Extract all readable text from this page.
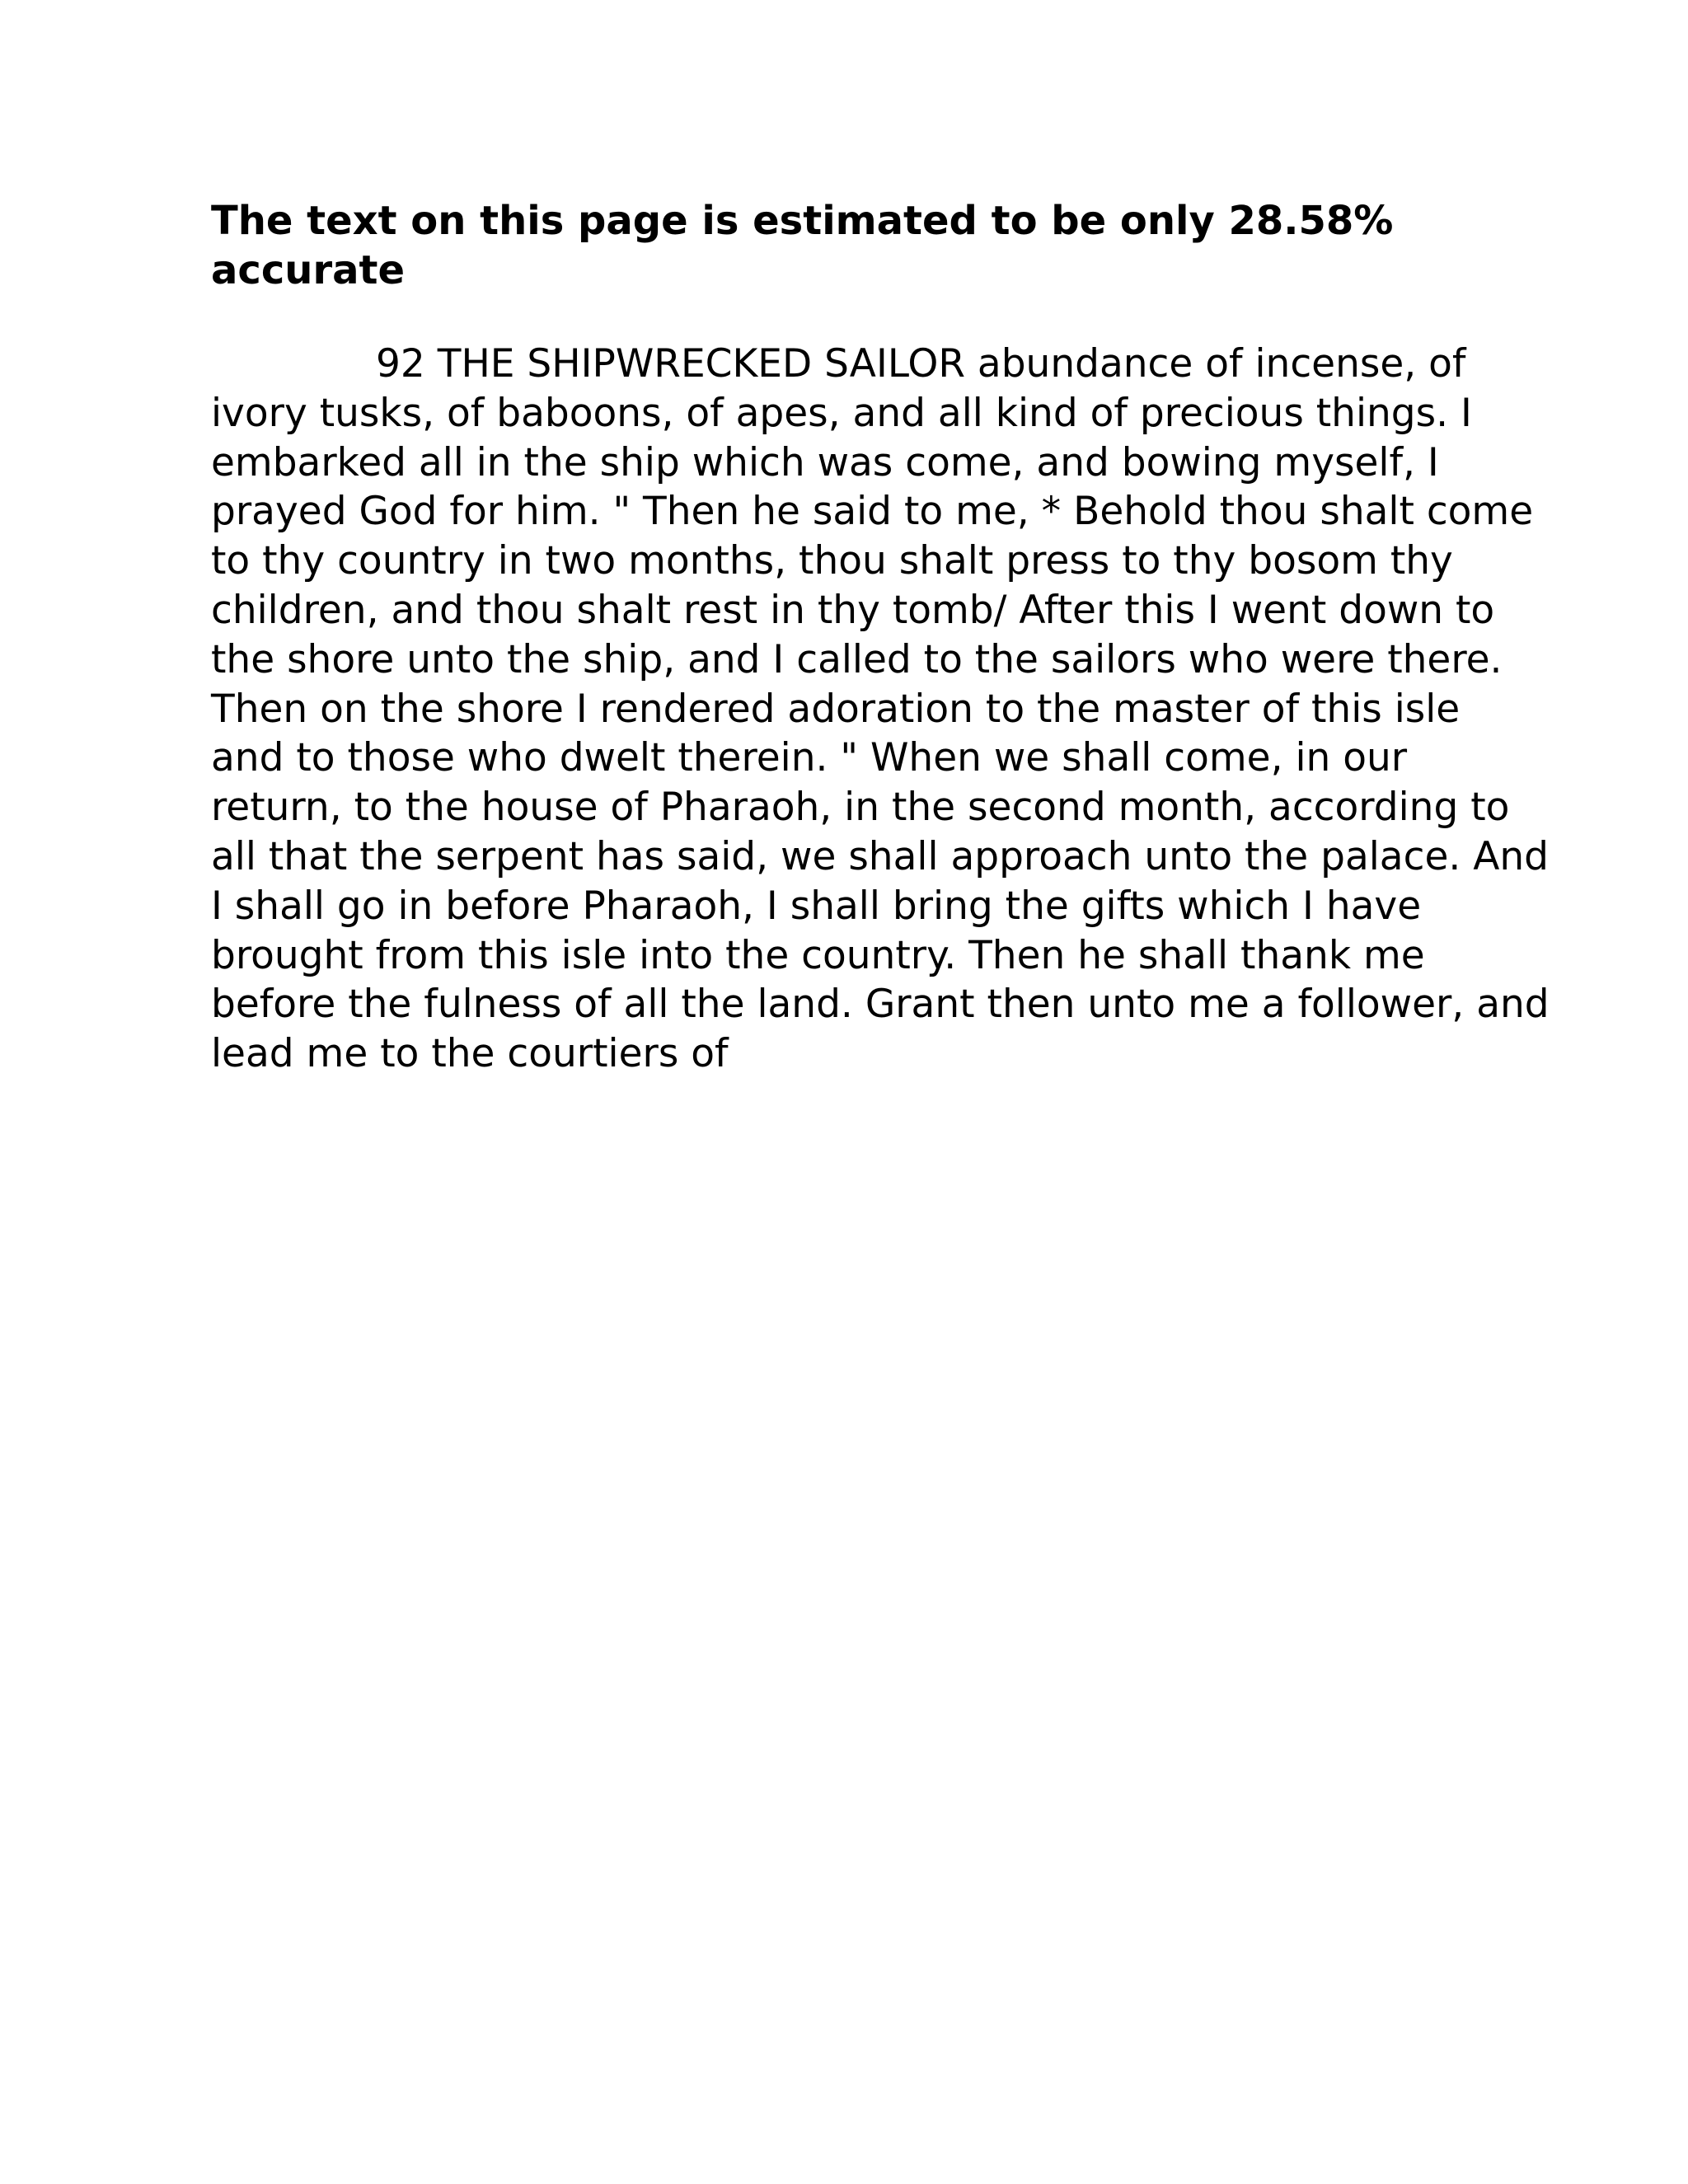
The text on this page is estimated to be only 28.58%
accurate
92 THE SHIPWRECKED SAILOR abundance of incense, of
ivory tusks, of baboons, of apes, and all kind of precious things. I
embarked all in the ship which was come, and bowing myself, I
prayed God for him. " Then he said to me, * Behold thou shalt come
to thy country in two months, thou shalt press to thy bosom thy
children, and thou shalt rest in thy tomb/ After this I went down to
the shore unto the ship, and I called to the sailors who were there.
Then on the shore I rendered adoration to the master of this isle
and to those who dwelt therein. " When we shall come, in our
return, to the house of Pharaoh, in the second month, according to
all that the serpent has said, we shall approach unto the palace. And
I shall go in before Pharaoh, I shall bring the gifts which I have
brought from this isle into the country. Then he shall thank me
before the fulness of all the land. Grant then unto me a follower, and
lead me to the courtiers of
